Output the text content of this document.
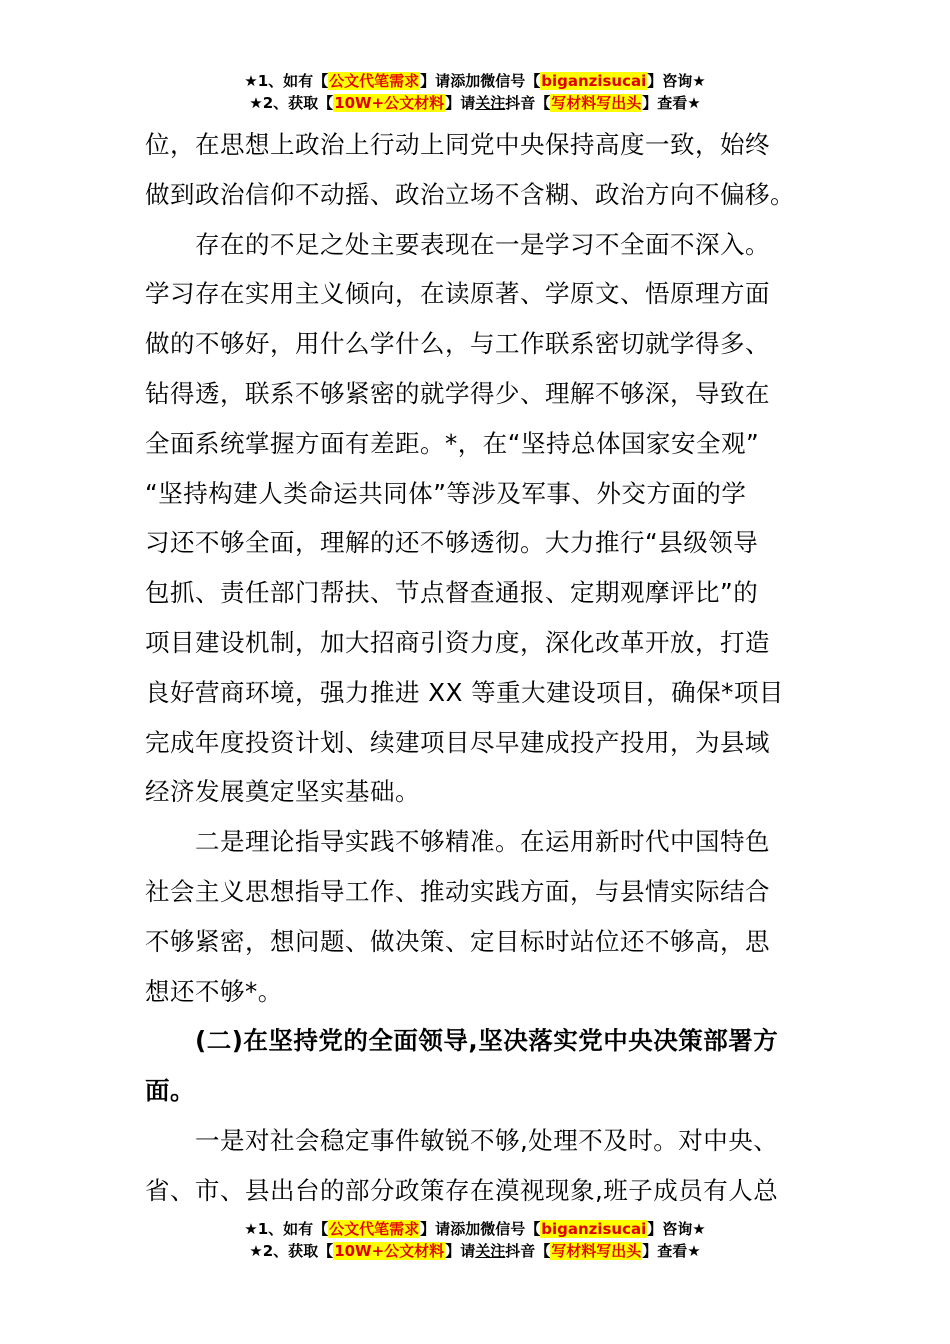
★1、如有【公文代笔需求】请添加微信号【biganzisucai】咨询★
★2、获取【10W+公文材料】请关注抖音【写材料写出头】查看★
位，在思想上政治上行动上同党中央保持高度一致，始终
做到政治信仰不动摇、政治立场不含糊、政治方向不偏移。
存在的不足之处主要表现在一是学习不全面不深入。
学习存在实用主义倾向，在读原著、学原文、悟原理方面
做的不够好，用什么学什么，与工作联系密切就学得多、
钻得透，联系不够紧密的就学得少、理解不够深，导致在
全面系统掌握方面有差距。*，在“坚持总体国家安全观”
“坚持构建人类命运共同体”等涉及军事、外交方面的学
习还不够全面，理解的还不够透彻。大力推行“县级领导
包抓、责任部门帮扶、节点督查通报、定期观摩评比”的
项目建设机制，加大招商引资力度，深化改革开放，打造
良好营商环境，强力推进 XX 等重大建设项目，确保*项目
完成年度投资计划、续建项目尽早建成投产投用，为县域
经济发展奠定坚实基础。
二是理论指导实践不够精准。在运用新时代中国特色
社会主义思想指导工作、推动实践方面，与县情实际结合
不够紧密，想问题、做决策、定目标时站位还不够高，思
想还不够*。
(二)在坚持党的全面领导,坚决落实党中央决策部署方
面。
一是对社会稳定事件敏锐不够,处理不及时。对中央、
省、市、县出台的部分政策存在漠视现象,班子成员有人总
★1、如有【公文代笔需求】请添加微信号【biganzisucai】咨询★
★2、获取【10W+公文材料】请关注抖音【写材料写出头】查看★
